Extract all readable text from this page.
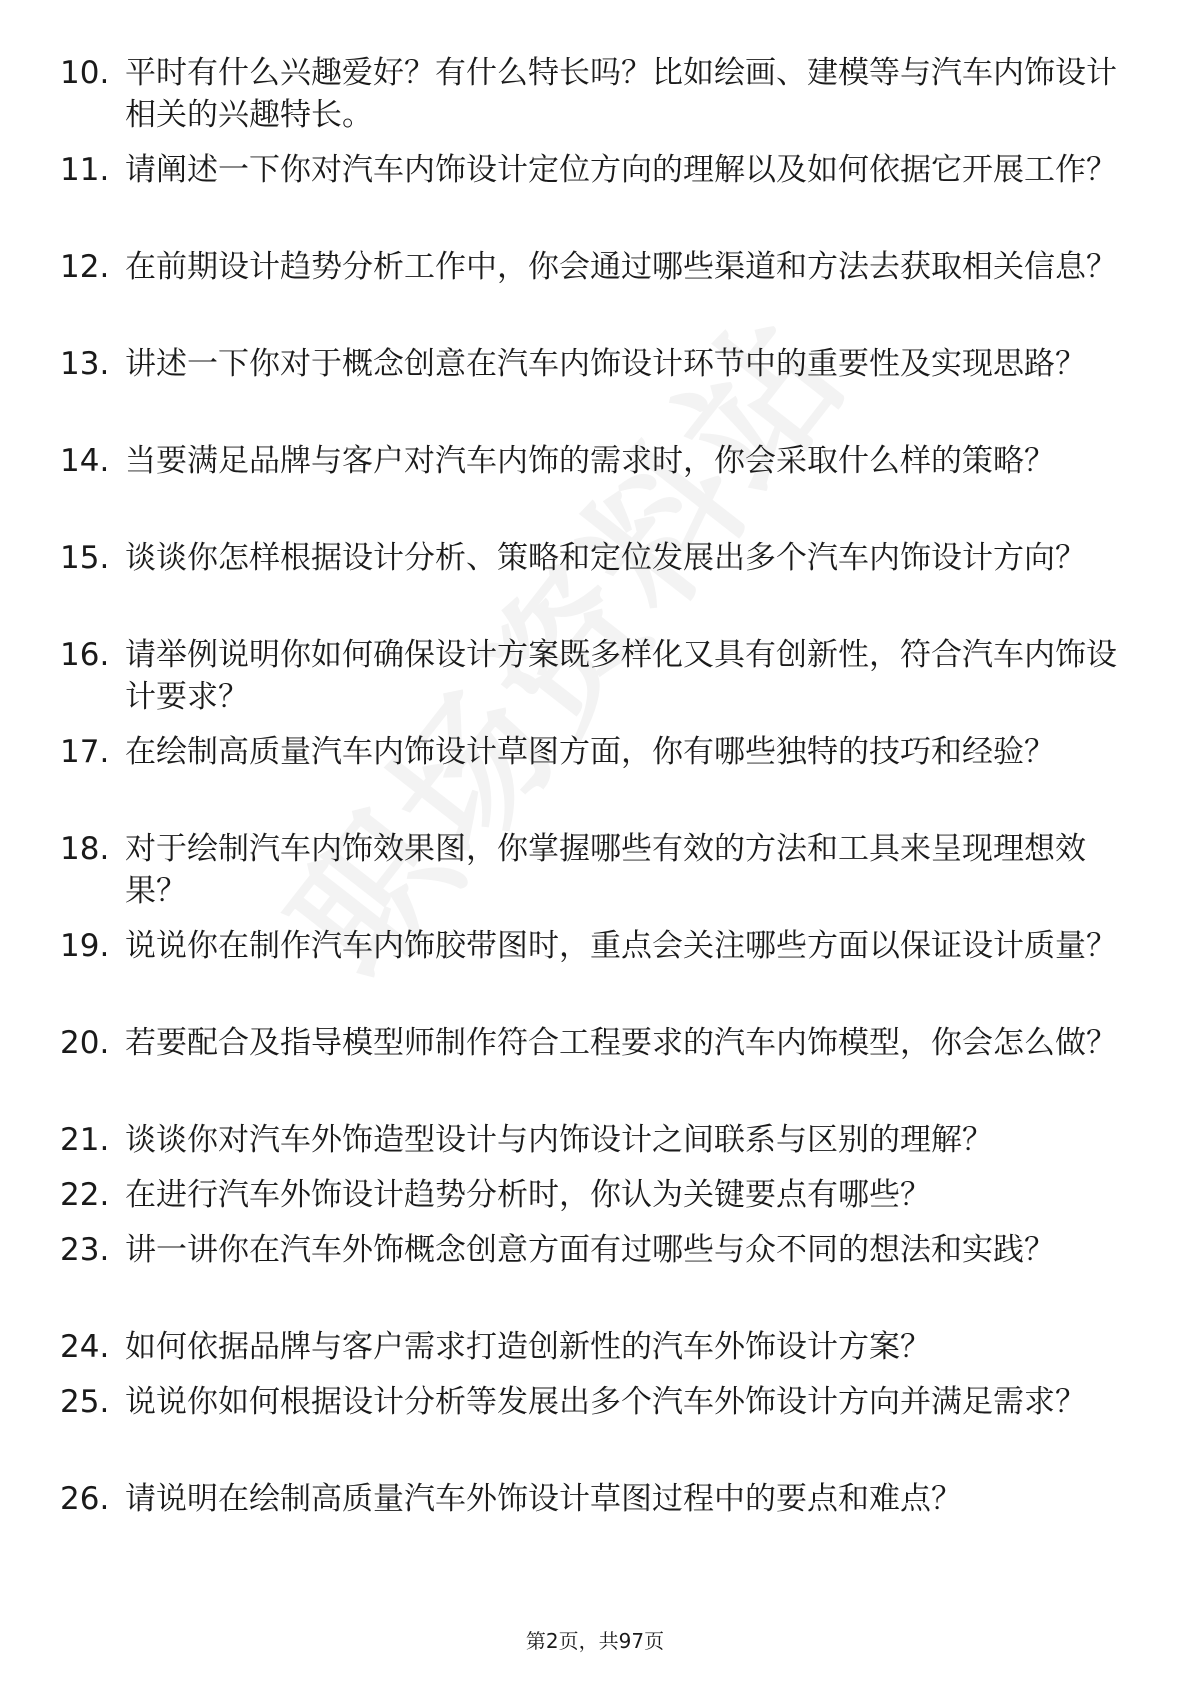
10. 平时有什么兴趣爱好？有什么特长吗？比如绘画、建模等与汽车内饰设计相关的兴趣特长。

11. 请阐述一下你对汽车内饰设计定位方向的理解以及如何依据它开展工作？

12. 在前期设计趋势分析工作中，你会通过哪些渠道和方法去获取相关信息？

13. 讲述一下你对于概念创意在汽车内饰设计环节中的重要性及实现思路？

14. 当要满足品牌与客户对汽车内饰的需求时，你会采取什么样的策略？

15. 谈谈你怎样根据设计分析、策略和定位发展出多个汽车内饰设计方向？

16. 请举例说明你如何确保设计方案既多样化又具有创新性，符合汽车内饰设计要求？

17. 在绘制高质量汽车内饰设计草图方面，你有哪些独特的技巧和经验？

18. 对于绘制汽车内饰效果图，你掌握哪些有效的方法和工具来呈现理想效果？

19. 说说你在制作汽车内饰胶带图时，重点会关注哪些方面以保证设计质量？

20. 若要配合及指导模型师制作符合工程要求的汽车内饰模型，你会怎么做？

21. 谈谈你对汽车外饰造型设计与内饰设计之间联系与区别的理解？

22. 在进行汽车外饰设计趋势分析时，你认为关键要点有哪些？

23. 讲一讲你在汽车外饰概念创意方面有过哪些与众不同的想法和实践？

24. 如何依据品牌与客户需求打造创新性的汽车外饰设计方案？

25. 说说你如何根据设计分析等发展出多个汽车外饰设计方向并满足需求？

26. 请说明在绘制高质量汽车外饰设计草图过程中的要点和难点？

第2页，共97页
